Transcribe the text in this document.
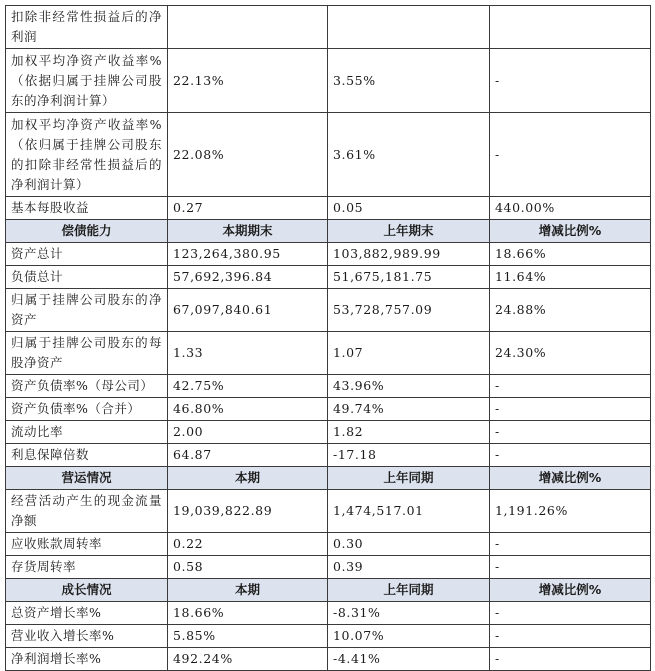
扣除非经常性损益后的净利润			
加权平均净资产收益率%（依据归属于挂牌公司股东的净利润计算）	22.13%	3.55%	-
加权平均净资产收益率%（依归属于挂牌公司股东的扣除非经常性损益后的净利润计算）	22.08%	3.61%	-
基本每股收益	0.27	0.05	440.00%
偿债能力	本期期末	上年期末	增减比例%
资产总计	123,264,380.95	103,882,989.99	18.66%
负债总计	57,692,396.84	51,675,181.75	11.64%
归属于挂牌公司股东的净资产	67,097,840.61	53,728,757.09	24.88%
归属于挂牌公司股东的每股净资产	1.33	1.07	24.30%
资产负债率%（母公司）	42.75%	43.96%	-
资产负债率%（合并）	46.80%	49.74%	-
流动比率	2.00	1.82	-
利息保障倍数	64.87	-17.18	-
营运情况	本期	上年同期	增减比例%
经营活动产生的现金流量净额	19,039,822.89	1,474,517.01	1,191.26%
应收账款周转率	0.22	0.30	-
存货周转率	0.58	0.39	-
成长情况	本期	上年同期	增减比例%
总资产增长率%	18.66%	-8.31%	-
营业收入增长率%	5.85%	10.07%	-
净利润增长率%	492.24%	-4.41%	-
